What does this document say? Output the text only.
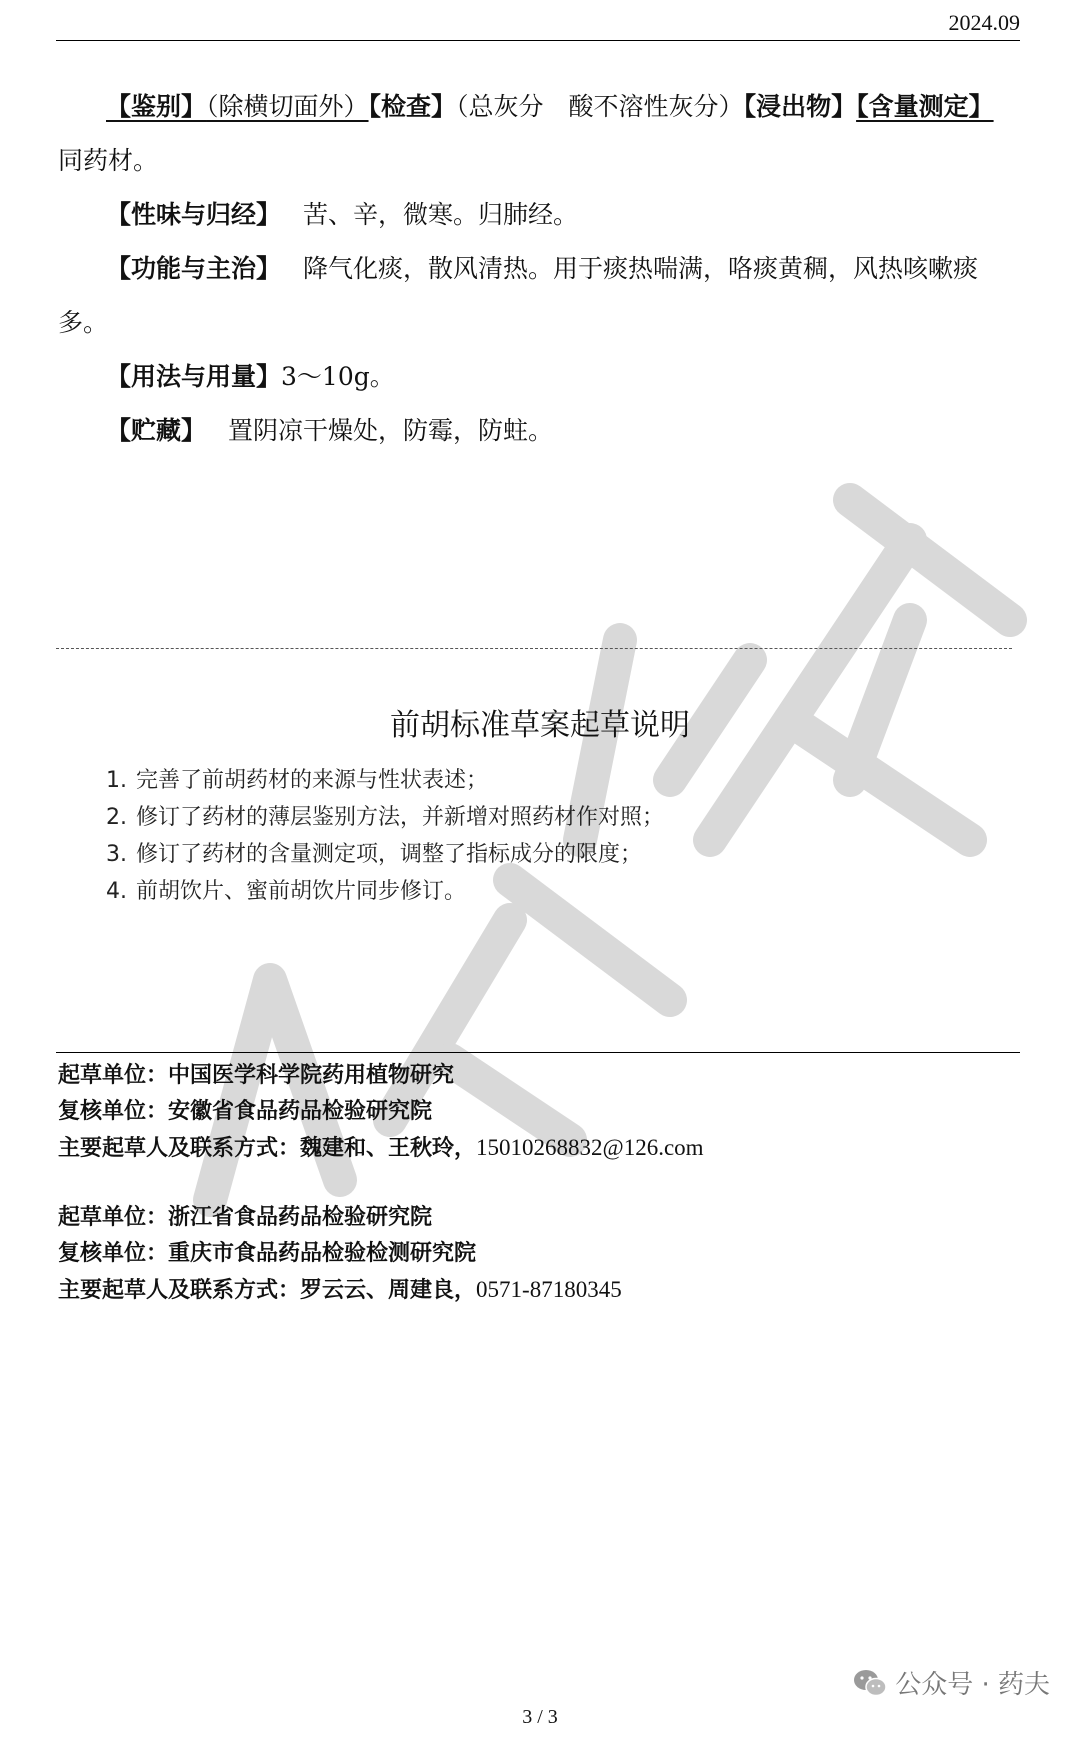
2024.09
【鉴别】（除横切面外）【检查】（总灰分　酸不溶性灰分）【浸出物】【含量测定】同药材。
【性味与归经】 苦、辛，微寒。归肺经。
【功能与主治】 降气化痰，散风清热。用于痰热喘满，咯痰黄稠，风热咳嗽痰多。
【用法与用量】3～10g。
【贮藏】 置阴凉干燥处，防霉，防蛀。
前胡标准草案起草说明
1. 完善了前胡药材的来源与性状表述；
2. 修订了药材的薄层鉴别方法，并新增对照药材作对照；
3. 修订了药材的含量测定项，调整了指标成分的限度；
4. 前胡饮片、蜜前胡饮片同步修订。
起草单位：中国医学科学院药用植物研究
复核单位：安徽省食品药品检验研究院
主要起草人及联系方式：魏建和、王秋玲，15010268832@126.com
起草单位：浙江省食品药品检验研究院
复核单位：重庆市食品药品检验检测研究院
主要起草人及联系方式：罗云云、周建良，0571-87180345
公众号 · 药夫
3 / 3
